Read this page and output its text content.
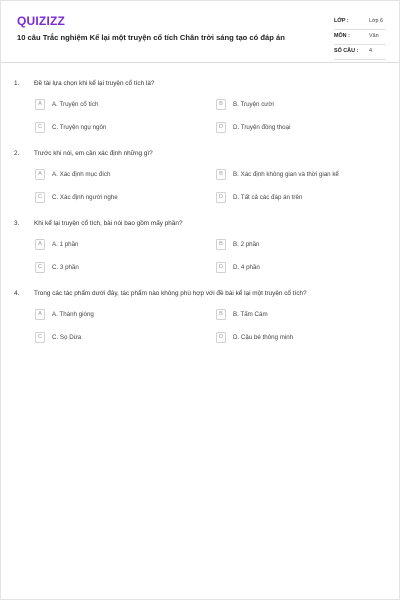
QUIZIZZ
10 câu Trắc nghiệm Kể lại một truyện cổ tích Chân trời sáng tạo có đáp án
LỚP :	Lớp 6
MÔN :	Văn
SỐ CÂU : 4
1. Đề tài lựa chọn khi kể lại truyện cổ tích là?
A	A. Truyện cổ tích	B	B. Truyện cười
C	C. Truyện ngụ ngôn	D	D. Truyện đồng thoại
2. Trước khi nói, em cần xác định những gì?
A	A. Xác định mục đích	B	B. Xác định không gian và thời gian kể
C	C. Xác định người nghe	D	D. Tất cả các đáp án trên
3. Khi kể lại truyện cổ tích, bài nói bao gồm mấy phần?
A	A. 1 phần	B	B. 2 phần
C	C. 3 phần	D	D. 4 phần
4. Trong các tác phẩm dưới đây, tác phẩm nào không phù hợp với đề bài kể lại một truyện cổ tích?
A	A. Thánh gióng	B	B. Tấm Cám
C	C. Sọ Dừa	D	D. Cậu bé thông minh
